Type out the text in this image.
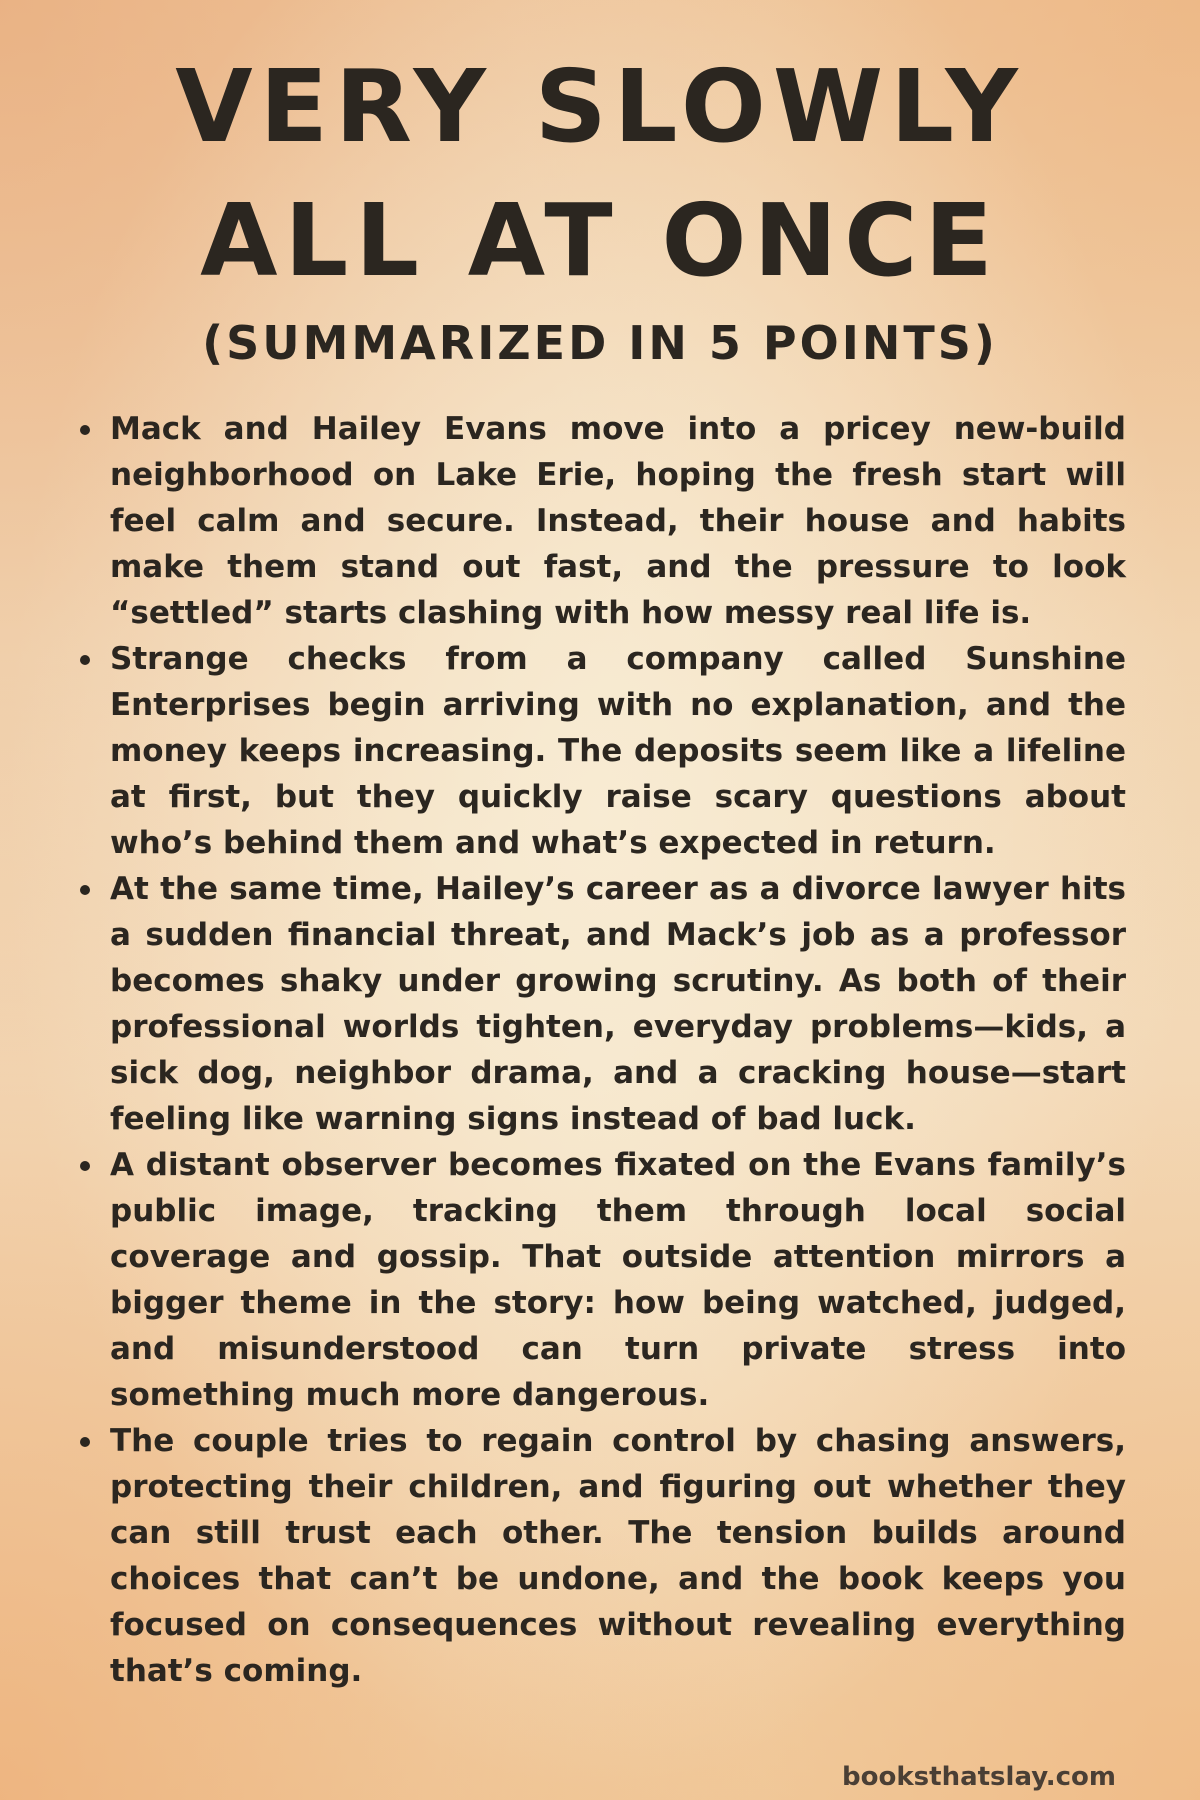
VERY SLOWLY ALL AT ONCE
(SUMMARIZED IN 5 POINTS)
Mack and Hailey Evans move into a pricey new-build neighborhood on Lake Erie, hoping the fresh start will feel calm and secure. Instead, their house and habits make them stand out fast, and the pressure to look “settled” starts clashing with how messy real life is.
Strange checks from a company called Sunshine Enterprises begin arriving with no explanation, and the money keeps increasing. The deposits seem like a lifeline at first, but they quickly raise scary questions about who’s behind them and what’s expected in return.
At the same time, Hailey’s career as a divorce lawyer hits a sudden financial threat, and Mack’s job as a professor becomes shaky under growing scrutiny. As both of their professional worlds tighten, everyday problems—kids, a sick dog, neighbor drama, and a cracking house—start feeling like warning signs instead of bad luck.
A distant observer becomes fixated on the Evans family’s public image, tracking them through local social coverage and gossip. That outside attention mirrors a bigger theme in the story: how being watched, judged, and misunderstood can turn private stress into something much more dangerous.
The couple tries to regain control by chasing answers, protecting their children, and figuring out whether they can still trust each other. The tension builds around choices that can’t be undone, and the book keeps you focused on consequences without revealing everything that’s coming.
booksthatslay.com
